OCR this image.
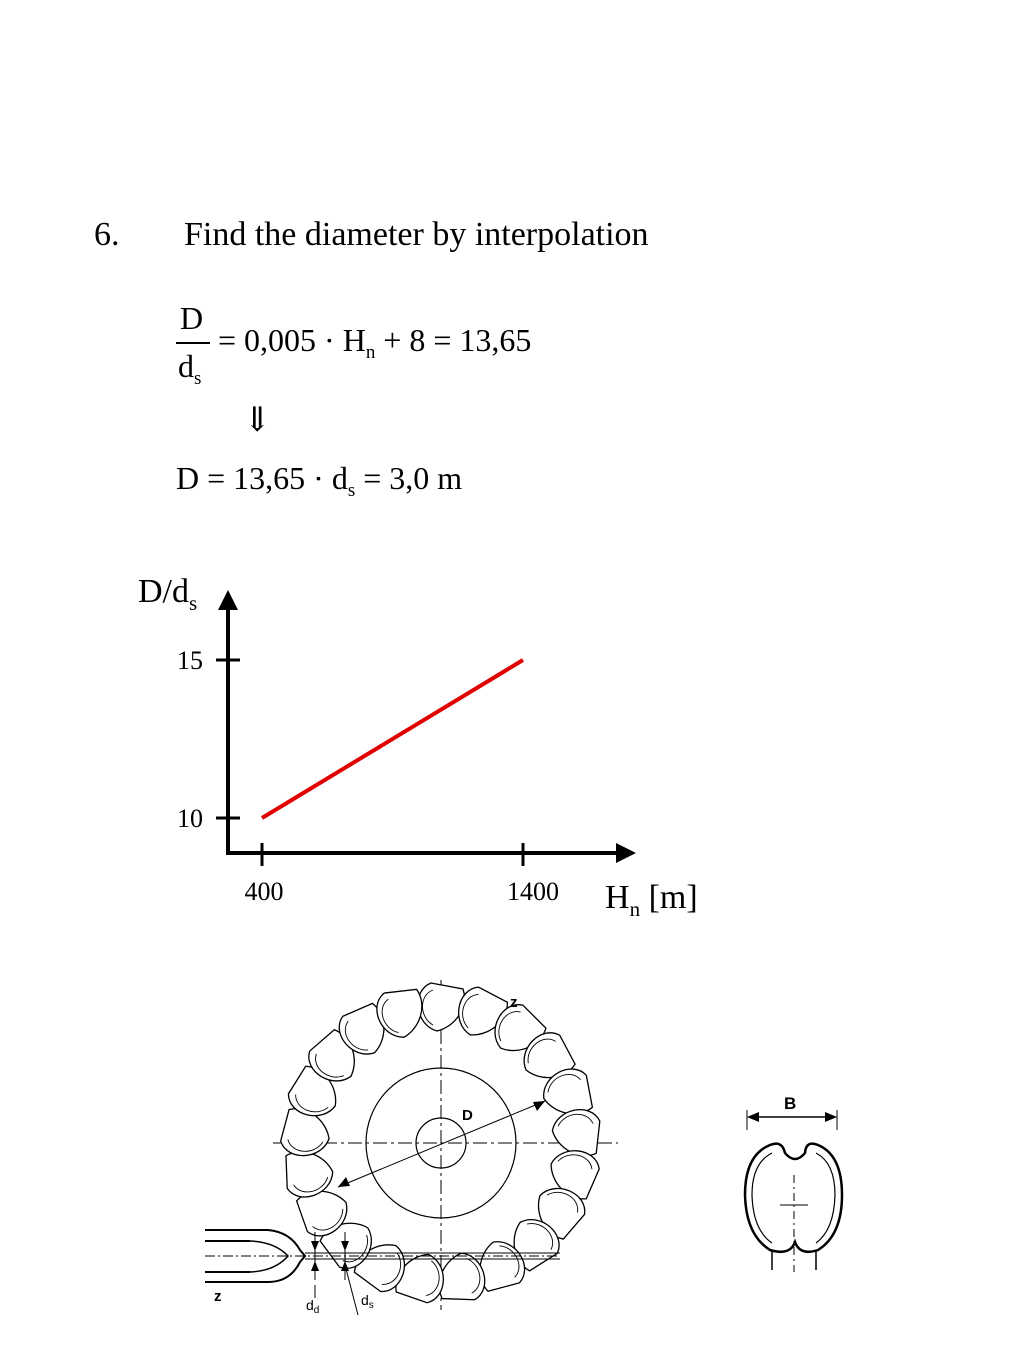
6. Find the diameter by interpolation
D
$d_s$
= $0,005 \cdot H_n + 8 = 13,65$
⇓
$D = 13,65 \cdot d_s = 3,0$ m
15
10
400	1400
$D/d_s$
$H_n$ [m]
D
z
z	$d_d$
$d_s$
B
